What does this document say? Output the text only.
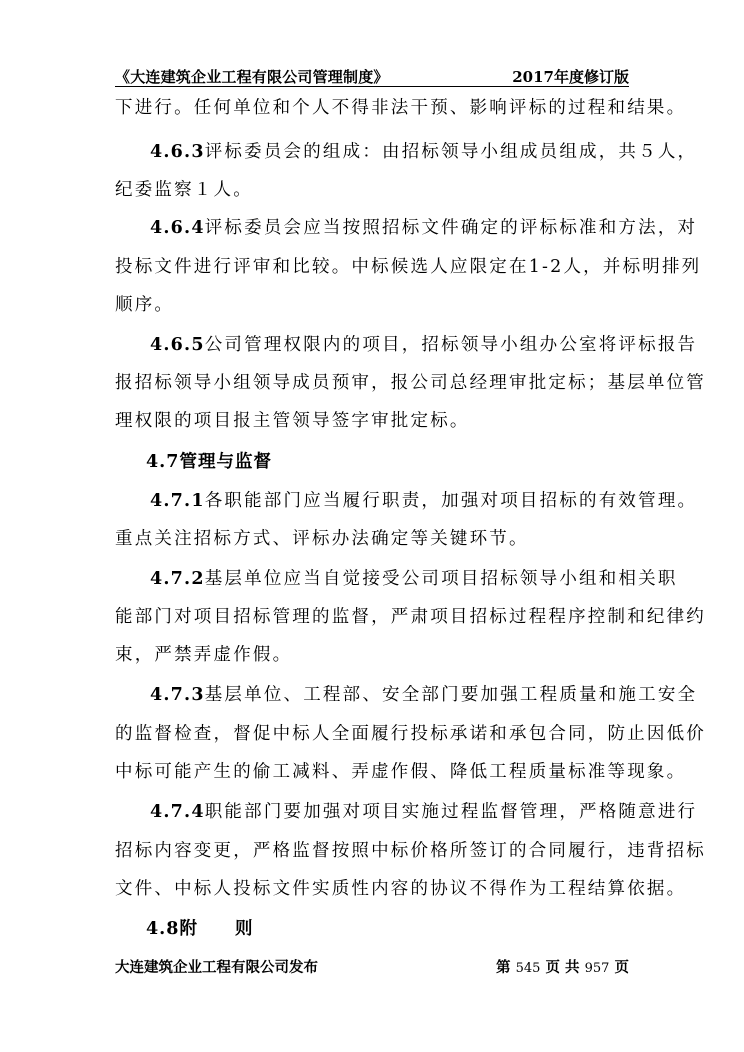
《大连建筑企业工程有限公司管理制度》	2017年度修订版
下进行。任何单位和个人不得非法干预、影响评标的过程和结果。
4.6.3评标委员会的组成：由招标领导小组成员组成，共５人，
纪委监察１人。
4.6.4评标委员会应当按照招标文件确定的评标标准和方法，对
投标文件进行评审和比较。中标候选人应限定在1-2人，并标明排列
顺序。
4.6.5公司管理权限内的项目，招标领导小组办公室将评标报告
报招标领导小组领导成员预审，报公司总经理审批定标；基层单位管
理权限的项目报主管领导签字审批定标。
4.7管理与监督
4.7.1各职能部门应当履行职责，加强对项目招标的有效管理。
重点关注招标方式、评标办法确定等关键环节。
4.7.2基层单位应当自觉接受公司项目招标领导小组和相关职
能部门对项目招标管理的监督，严肃项目招标过程程序控制和纪律约
束，严禁弄虚作假。
4.7.3基层单位、工程部、安全部门要加强工程质量和施工安全
的监督检查，督促中标人全面履行投标承诺和承包合同，防止因低价
中标可能产生的偷工减料、弄虚作假、降低工程质量标准等现象。
4.7.4职能部门要加强对项目实施过程监督管理，严格随意进行
招标内容变更，严格监督按照中标价格所签订的合同履行，违背招标
文件、中标人投标文件实质性内容的协议不得作为工程结算依据。
4.8附　　则
大连建筑企业工程有限公司发布	第 545 页 共 957 页
